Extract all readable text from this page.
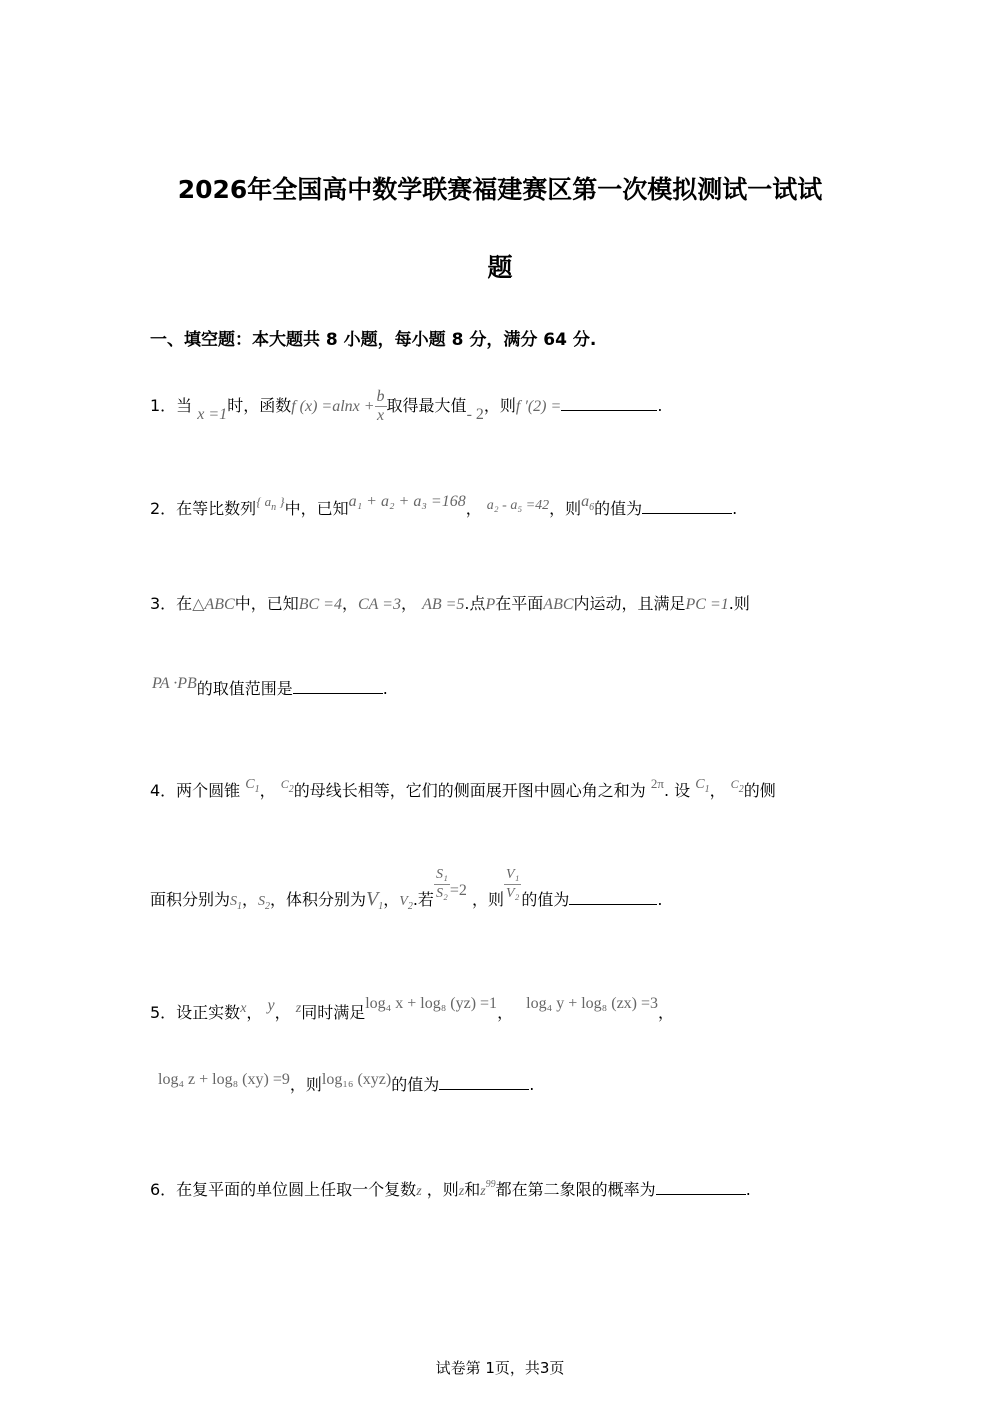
2026年全国高中数学联赛福建赛区第一次模拟测试一试试
题
一、填空题：本大题共 8 小题，每小题 8 分，满分 64 分.
1．当 x =1时，函数f $(x) =alnx + \frac{b}{x}$ 取得最大值- 2，则f ′(2) =	.
2．在等比数列$^{\{ a_n \}}$中，已知a₁ + a₂ + a₃ =168， a₂ - a₅ =42，则$a_6$的值为	.
3．在△ABC中，已知BC =4，CA =3， AB =5.点P在平面ABC内运动，且满足PC =1.则
PA ·PB的取值范围是	.
4．两个圆锥 $C_1$， $^{C_2}$的母线长相等，它们的侧面展开图中圆心角之和为 $^{2\pi}$. 设 $C_1$， $^{C_2}$的侧
面积分别为$S_1$，$S_2$，体积分别为$V_1$，$V_2$.若 $\frac{\text{S₁}}{\text{S₂}} =2$ ，则 $\frac{\text{V₁}}{\text{V₂}}$ 的值为	.
5．设正实数x， y， z同时满足log₄ x + log₈ (yz) =1， log₄ y + log₈ (zx) =3，
log₄ z + log₈ (xy) =9，则log₁₆ (xyz)的值为	.
6．在复平面的单位圆上任取一个复数z ，则z和$z^{99}$都在第二象限的概率为	.
试卷第 1页，共3页
